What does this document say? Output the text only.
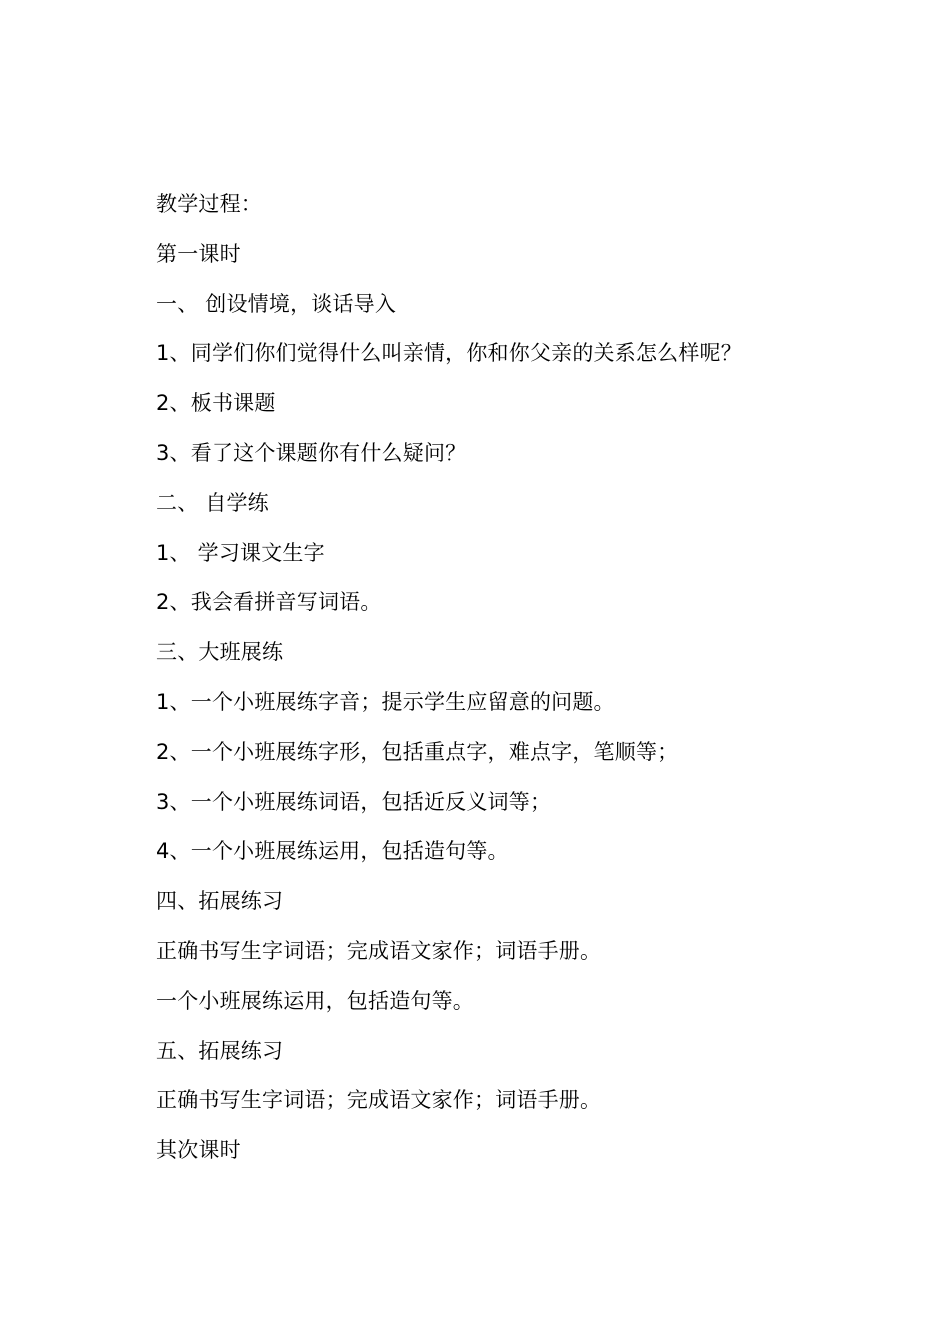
教学过程：
第一课时
一、 创设情境，谈话导入
1、同学们你们觉得什么叫亲情，你和你父亲的关系怎么样呢？
2、板书课题
3、看了这个课题你有什么疑问？
二、 自学练
1、 学习课文生字
2、我会看拼音写词语。
三、大班展练
1、一个小班展练字音；提示学生应留意的问题。
2、一个小班展练字形，包括重点字，难点字，笔顺等；
3、一个小班展练词语，包括近反义词等；
4、一个小班展练运用，包括造句等。
四、拓展练习
正确书写生字词语；完成语文家作；词语手册。
一个小班展练运用，包括造句等。
五、拓展练习
正确书写生字词语；完成语文家作；词语手册。
其次课时
